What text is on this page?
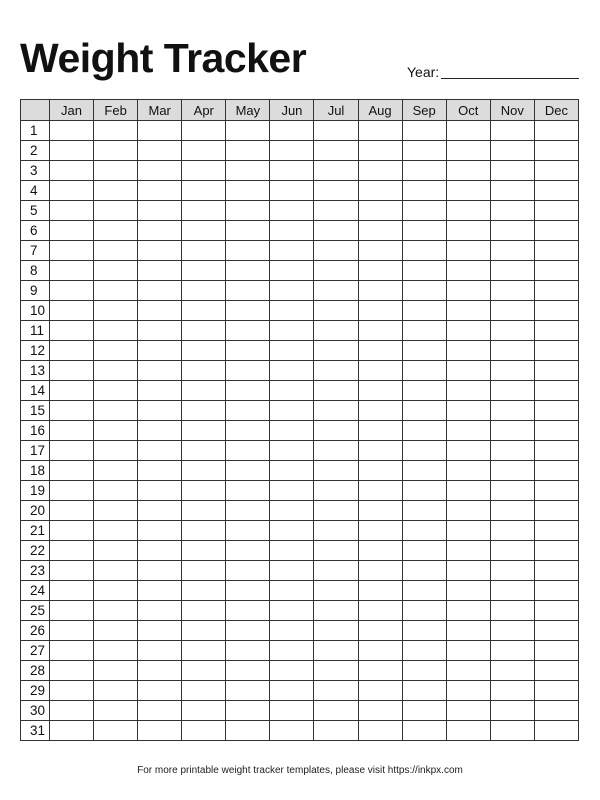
Weight Tracker	Year:
	Jan	Feb	Mar	Apr	May	Jun	Jul	Aug	Sep	Oct	Nov	Dec
1												
2												
3												
4												
5												
6												
7												
8												
9												
10												
11												
12												
13												
14												
15												
16												
17												
18												
19												
20												
21												
22												
23												
24												
25												
26												
27												
28												
29												
30												
31												
For more printable weight tracker templates, please visit https://inkpx.com
